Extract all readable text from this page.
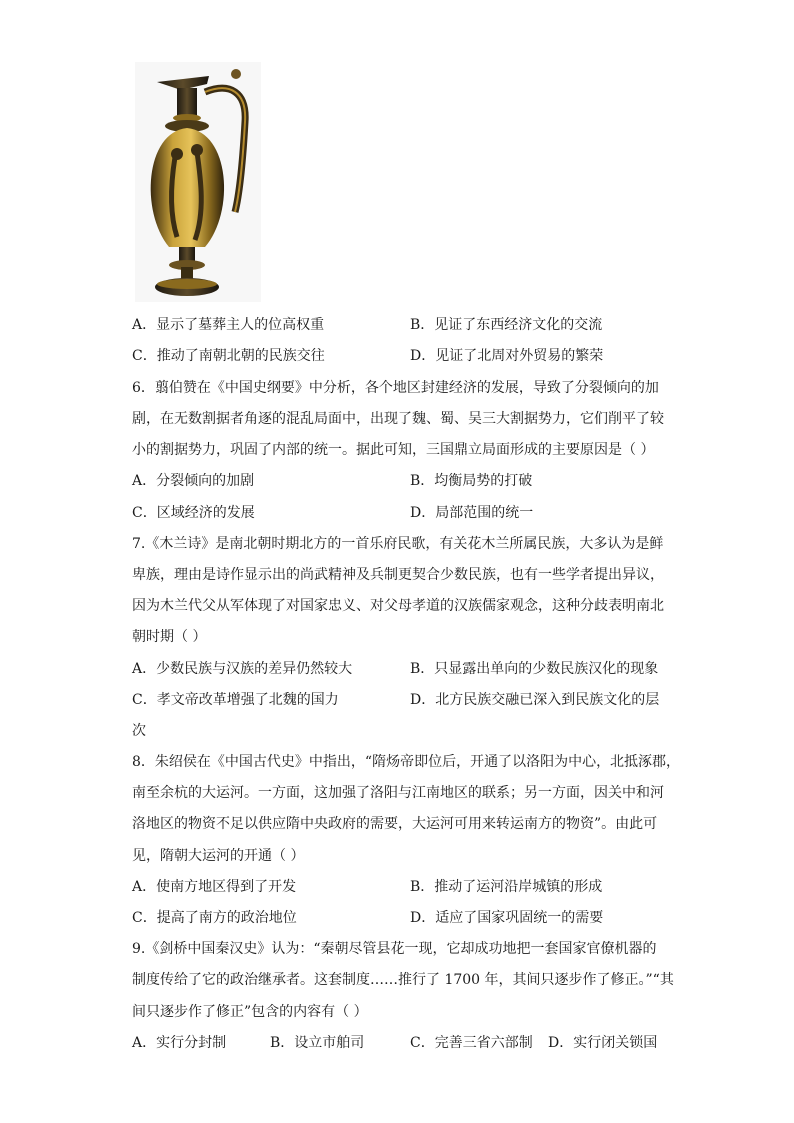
A．显示了墓葬主人的位高权重	B．见证了东西经济文化的交流
C．推动了南朝北朝的民族交往	D．见证了北周对外贸易的繁荣
6．翦伯赞在《中国史纲要》中分析，各个地区封建经济的发展，导致了分裂倾向的加
剧，在无数割据者角逐的混乱局面中，出现了魏、蜀、吴三大割据势力，它们削平了较
小的割据势力，巩固了内部的统一。据此可知，三国鼎立局面形成的主要原因是（ ）
A．分裂倾向的加剧	B．均衡局势的打破
C．区域经济的发展	D．局部范围的统一
7.《木兰诗》是南北朝时期北方的一首乐府民歌，有关花木兰所属民族，大多认为是鲜
卑族，理由是诗作显示出的尚武精神及兵制更契合少数民族，也有一些学者提出异议，
因为木兰代父从军体现了对国家忠义、对父母孝道的汉族儒家观念，这种分歧表明南北
朝时期（ ）
A．少数民族与汉族的差异仍然较大	B．只显露出单向的少数民族汉化的现象
C．孝文帝改革增强了北魏的国力	D．北方民族交融已深入到民族文化的层
次
8．朱绍侯在《中国古代史》中指出，“隋炀帝即位后，开通了以洛阳为中心，北抵涿郡，
南至余杭的大运河。一方面，这加强了洛阳与江南地区的联系；另一方面，因关中和河
洛地区的物资不足以供应隋中央政府的需要，大运河可用来转运南方的物资”。由此可
见，隋朝大运河的开通（ ）
A．使南方地区得到了开发	B．推动了运河沿岸城镇的形成
C．提高了南方的政治地位	D．适应了国家巩固统一的需要
9.《剑桥中国秦汉史》认为：“秦朝尽管县花一现，它却成功地把一套国家官僚机器的
制度传给了它的政治继承者。这套制度……推行了 1700 年，其间只逐步作了修正。”“其
间只逐步作了修正”包含的内容有（ ）
A．实行分封制	B．设立市舶司	C．完善三省六部制 D．实行闭关锁国
